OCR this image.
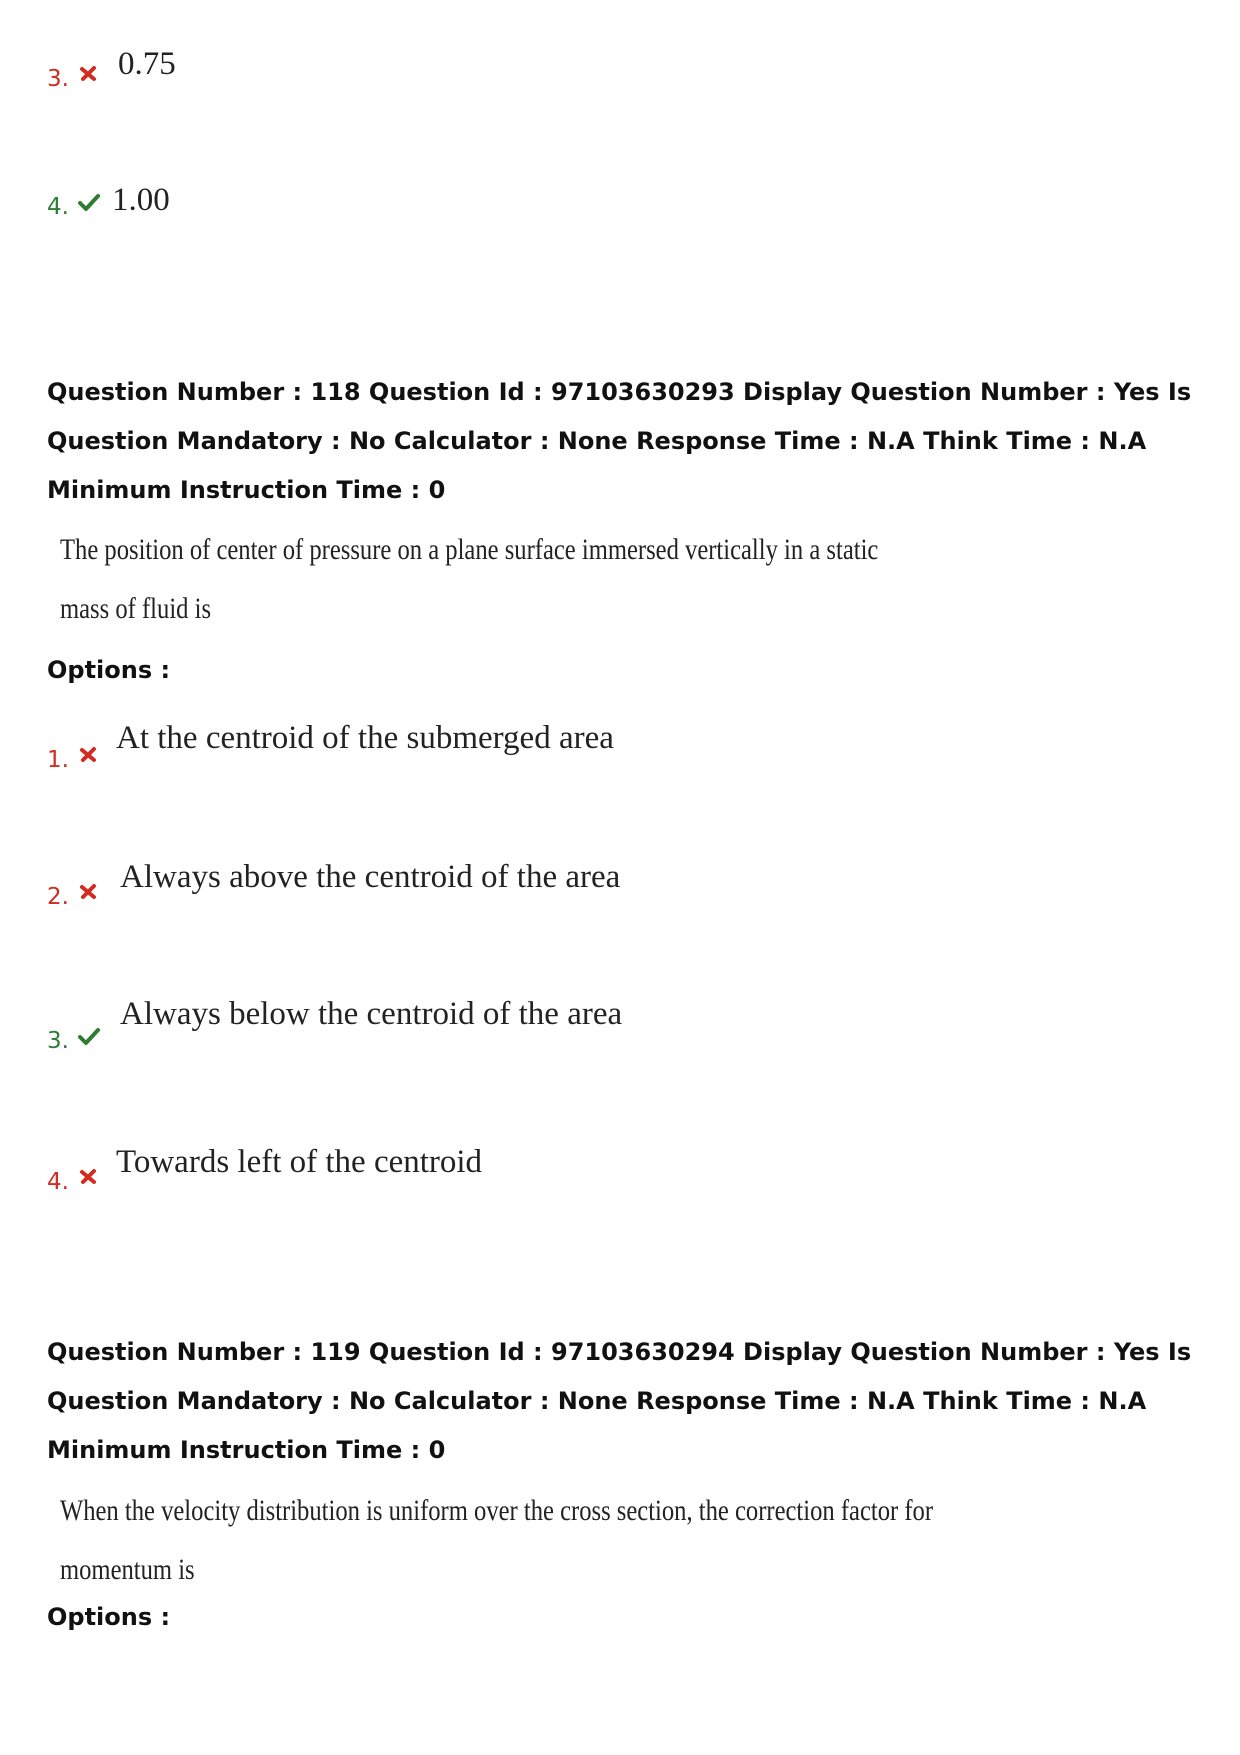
3. 0.75
4. 1.00
Question Number : 118 Question Id : 97103630293 Display Question Number : Yes Is Question Mandatory : No Calculator : None Response Time : N.A Think Time : N.A Minimum Instruction Time : 0
The position of center of pressure on a plane surface immersed vertically in a static
mass of fluid is
Options :
1.
At the centroid of the submerged area
2.
Always above the centroid of the area
3.
Always below the centroid of the area
4.
Towards left of the centroid
Question Number : 119 Question Id : 97103630294 Display Question Number : Yes Is Question Mandatory : No Calculator : None Response Time : N.A Think Time : N.A Minimum Instruction Time : 0
When the velocity distribution is uniform over the cross section, the correction factor for
momentum is
Options :
